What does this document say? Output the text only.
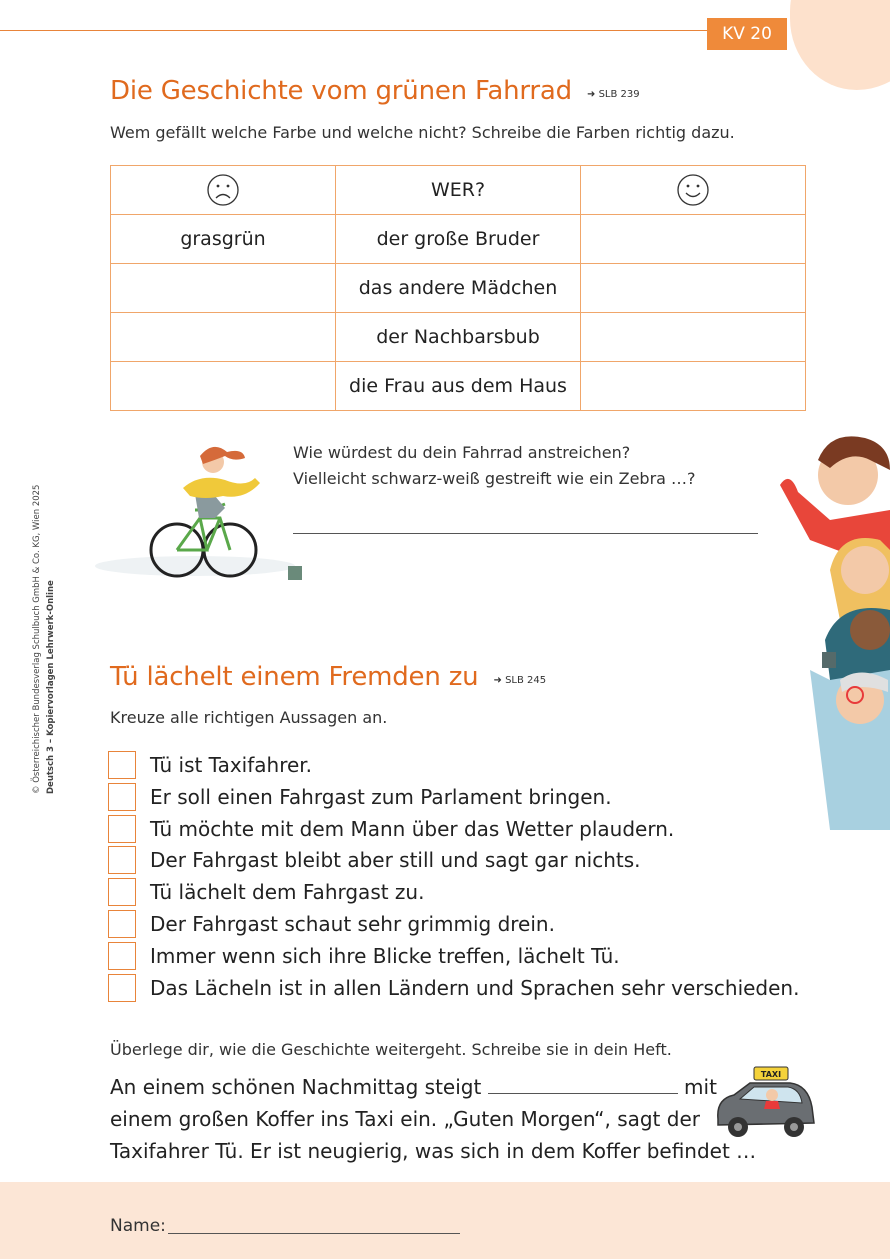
KV 20
Die Geschichte vom grünen Fahrrad ➜ SLB 239
Wem gefällt welche Farbe und welche nicht? Schreibe die Farben richtig dazu.
	WER?	
grasgrün	der große Bruder	
	das andere Mädchen	
	der Nachbarsbub	
	die Frau aus dem Haus	
Wie würdest du dein Fahrrad anstreichen?
Vielleicht schwarz-weiß gestreift wie ein Zebra …?
Tü lächelt einem Fremden zu ➜ SLB 245
Kreuze alle richtigen Aussagen an.
Tü ist Taxifahrer.
Er soll einen Fahrgast zum Parlament bringen.
Tü möchte mit dem Mann über das Wetter plaudern.
Der Fahrgast bleibt aber still und sagt gar nichts.
Tü lächelt dem Fahrgast zu.
Der Fahrgast schaut sehr grimmig drein.
Immer wenn sich ihre Blicke treffen, lächelt Tü.
Das Lächeln ist in allen Ländern und Sprachen sehr verschieden.
Überlege dir, wie die Geschichte weitergeht. Schreibe sie in dein Heft.
An einem schönen Nachmittag steigt	mit
einem großen Koffer ins Taxi ein. „Guten Morgen“, sagt der
Taxifahrer Tü. Er ist neugierig, was sich in dem Koffer befindet …
TAXI
Name:
© Österreichischer Bundesverlag Schulbuch GmbH & Co. KG, Wien 2025 Deutsch 3 – Kopiervorlagen Lehrwerk-Online
